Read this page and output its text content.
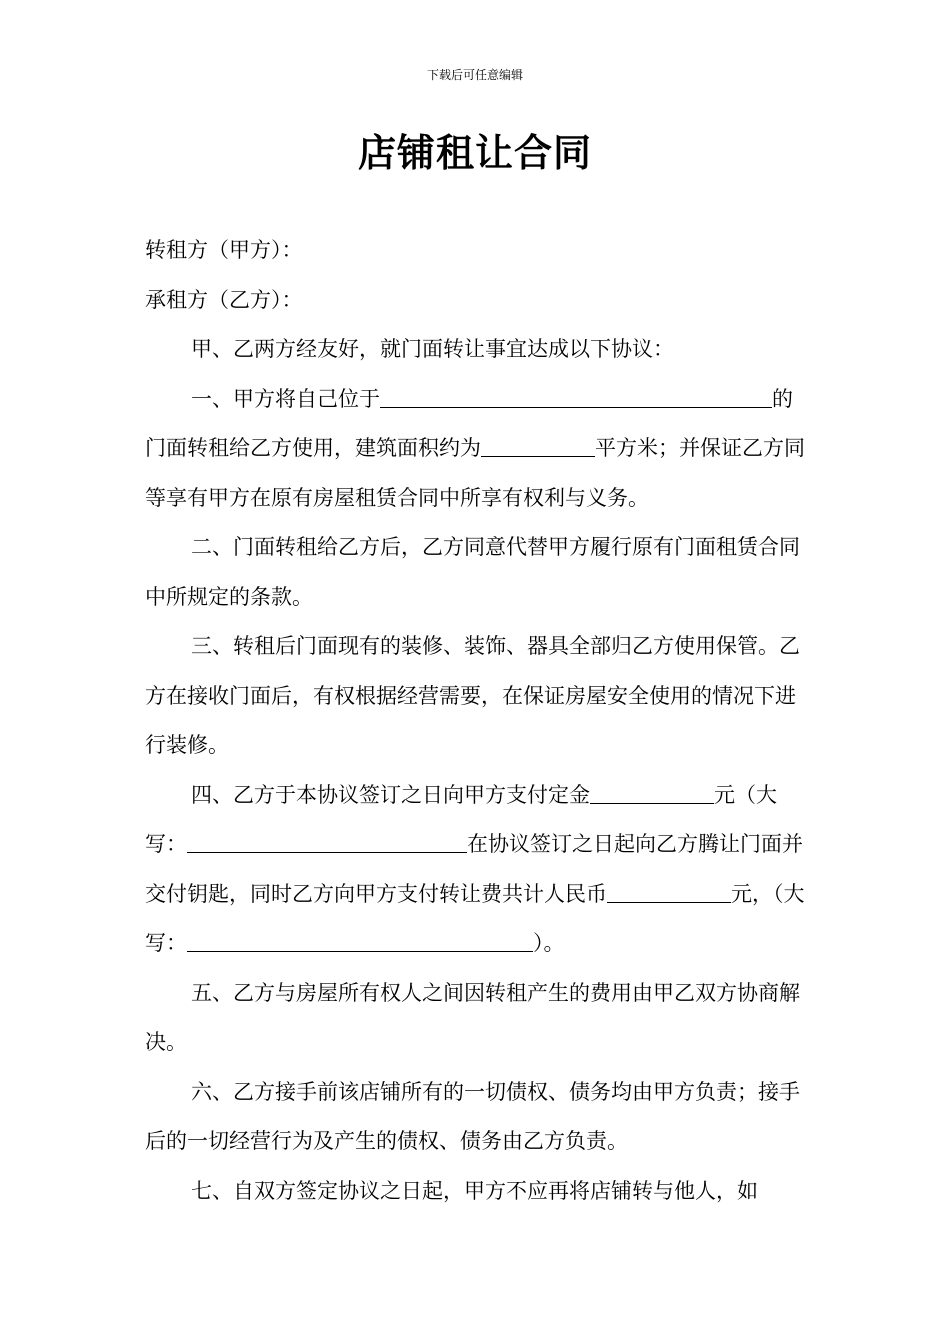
下载后可任意编辑
店铺租让合同

转租方（甲方）：

承租方（乙方）：

甲、乙两方经友好，就门面转让事宜达成以下协议：

一、甲方将自己位于	的门面转租给乙方使用，建筑面积约为	平方米；并保证乙方同等享有甲方在原有房屋租赁合同中所享有权利与义务。

二、门面转租给乙方后，乙方同意代替甲方履行原有门面租赁合同中所规定的条款。

三、转租后门面现有的装修、装饰、器具全部归乙方使用保管。乙方在接收门面后，有权根据经营需要，在保证房屋安全使用的情况下进行装修。

四、乙方于本协议签订之日向甲方支付定金	元（大写：	在协议签订之日起向乙方腾让门面并交付钥匙，同时乙方向甲方支付转让费共计人民币	元，（大写：	）。

五、乙方与房屋所有权人之间因转租产生的费用由甲乙双方协商解决。

六、乙方接手前该店铺所有的一切债权、债务均由甲方负责；接手后的一切经营行为及产生的债权、债务由乙方负责。

七、自双方签定协议之日起，甲方不应再将店铺转与他人，如
